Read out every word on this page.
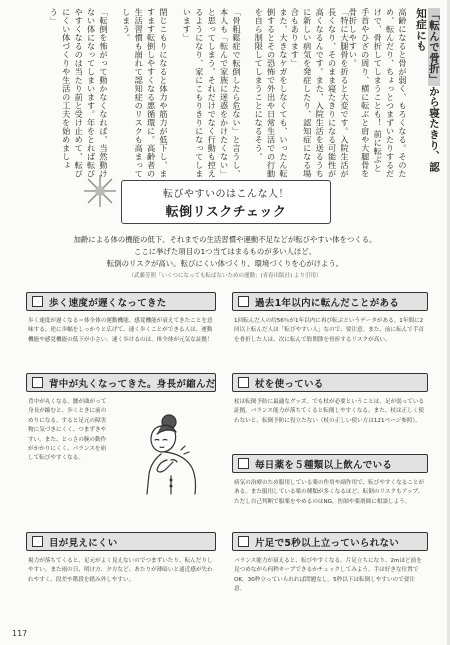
「転んで骨折」から寝たきり、認知症にも
高齢になると骨が弱く、もろくなる。そのため、転んだり、ちょっとつまずいたりするだけで、骨折してしまうことも！ 前に転ぶと手首やひざの周り、横に転ぶと肩や大腿骨を骨折しやすい。
「特に大腿骨を折ると大変です。入院生活が長くなり、そのまま寝たきりになる可能性が高くなるんです。また、入院生活を送るうちに新しい病気を発症したり、認知症になる場合もあります」
また、大きなケガをしなくても、いったん転倒するとその恐怖で外出や日常生活での行動を自ら制限してしまうことになるそう。
「骨粗鬆症で転倒したら危ない」と言うし、本人も「転んで家族に迷惑をかけたくない」と思ってしまう。それだけでなく行動も控えるようになり、家にこもりきりになってしまいます」
閉じこもりになると体力や筋力が低下し、ますます転倒しやすくなる悪循環に。高齢者の生活習慣も崩れて認知症のリスクも高まってしまう。
「転倒を怖がって動かなくなれば、当然動けない体になってしまいます。年をとれば転びやすくなるのは当たり前と受け止めて、転びにくい体づくりや生活の工夫を始めましょう」
転びやすいのはこんな人！
転倒リスクチェック
加齢による体の機能の低下、それまでの生活習慣や運動不足などが転びやすい体をつくる。
ここに挙げた項目の1つ当てはまるものが多い人ほど、
転倒のリスクが高い。転びにくい体づくり、環境づくりを心がけよう。
（武藤芳照「いくつになっても転ばないための運動」(青春出版社) より引用）
歩く速度が遅くなってきた
歩く速度が遅くなる＝体全体の運動機能、感覚機能が衰えてきたことを意味する。逆に歩幅をしっかりと広げて、速く歩くことができる人は、運動機能や感覚機能の低下が小さい。速く歩けるのは、体全体が元気な証拠！
背中が丸くなってきた。身長が縮んだ
背中が丸くなる、腰が曲がって身長が縮むと、歩くときに前のめりになる。すると足元の障害物に気づきにくく、つまずきやすい。また、とっさの腕の動作がかかりにくく、バランスを崩して転びやすくなる。
目が見えにくい
視力が落ちてくると、足元がよく見えないのでつまずいたり、転んだりしやすい。また雨の日、明け方、夕方など、あたりが薄暗いと遠近感が失われやすく、段差や階段を踏み外しやすい。
過去1年以内に転んだことがある
1回転んだ人の約56％が1年以内に再び転ぶというデータがある。1年間に2回以上転んだ人は「転びやすい人」なので、要注意。また、前に転んで手首を骨折した人は、次に転んで股関節を骨折するリスクが高い。
杖を使っている
杖は転倒予防に最適なグッズ。でも杖が必要ということは、足が弱っている証拠。バランス能力が落ちてくると転倒しやすくなる。また、杖は正しく使わないと、転倒予防に役立たない（杖の正しい使い方は121ページ参照）。
毎日薬を５種類以上飲んでいる
病気の治療のため服用している薬の作用や副作用で、転びやすくなることがある。また服用している薬の種類が多くなるほど、転倒のリスクもアップ。ただし自己判断で服薬をやめるのはNG。医師や薬剤師に相談しよう。
片足で5秒以上立っていられない
バランス能力が衰えると、転びやすくなる。片足立ちになり、2mほど前を見つめながら何秒キープできるかチェックしてみよう。手は好きな位置でOK。30秒立っていられれば問題なし。5秒以下は転倒しやすいので要注意。
117
